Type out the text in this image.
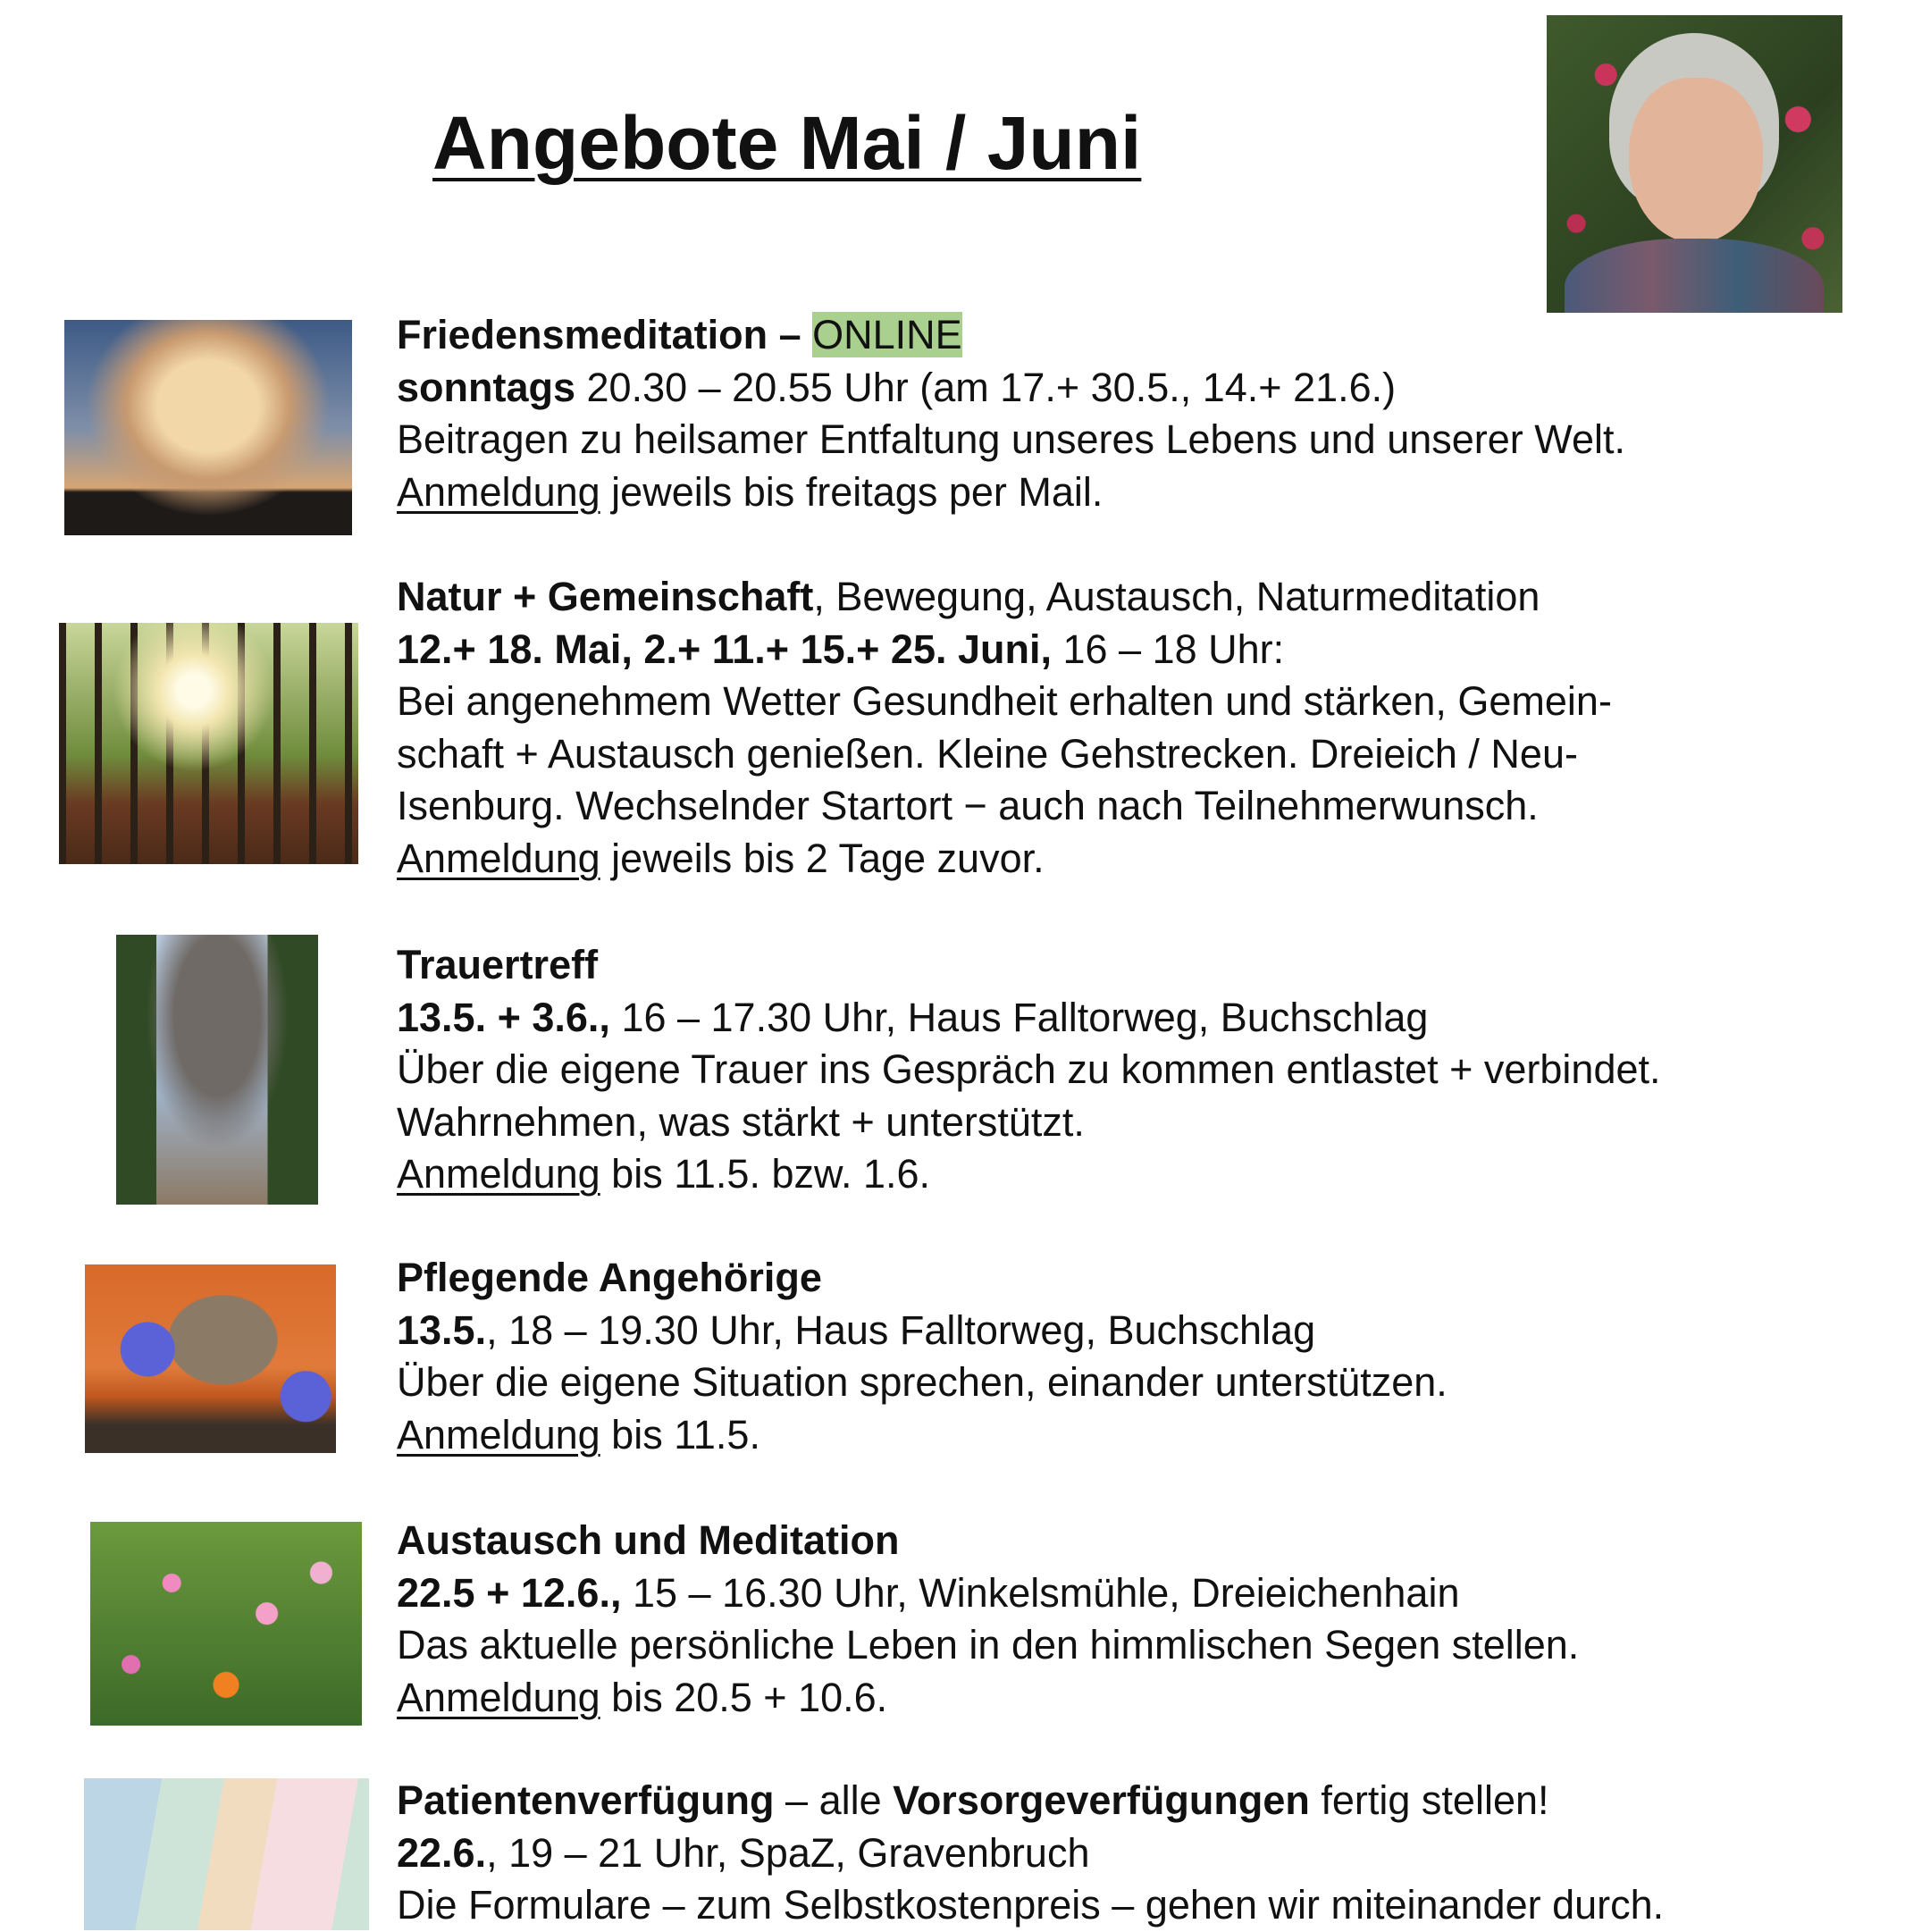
Angebote Mai / Juni
Friedensmeditation – ONLINE
sonntags 20.30 – 20.55 Uhr (am 17.+ 30.5., 14.+ 21.6.)
Beitragen zu heilsamer Entfaltung unseres Lebens und unserer Welt.
Anmeldung jeweils bis freitags per Mail.
Natur + Gemeinschaft, Bewegung, Austausch, Naturmeditation
12.+ 18. Mai, 2.+ 11.+ 15.+ 25. Juni, 16 – 18 Uhr:
Bei angenehmem Wetter Gesundheit erhalten und stärken, Gemein-
schaft + Austausch genießen. Kleine Gehstrecken. Dreieich / Neu-
Isenburg. Wechselnder Startort − auch nach Teilnehmerwunsch.
Anmeldung jeweils bis 2 Tage zuvor.
Trauertreff
13.5. + 3.6., 16 – 17.30 Uhr, Haus Falltorweg, Buchschlag
Über die eigene Trauer ins Gespräch zu kommen entlastet + verbindet.
Wahrnehmen, was stärkt + unterstützt.
Anmeldung bis 11.5. bzw. 1.6.
Pflegende Angehörige
13.5., 18 – 19.30 Uhr, Haus Falltorweg, Buchschlag
Über die eigene Situation sprechen, einander unterstützen.
Anmeldung bis 11.5.
Austausch und Meditation
22.5 + 12.6., 15 – 16.30 Uhr, Winkelsmühle, Dreieichenhain
Das aktuelle persönliche Leben in den himmlischen Segen stellen.
Anmeldung bis 20.5 + 10.6.
Patientenverfügung – alle Vorsorgeverfügungen fertig stellen!
22.6., 19 – 21 Uhr, SpaZ, Gravenbruch
Die Formulare – zum Selbstkostenpreis – gehen wir miteinander durch.
